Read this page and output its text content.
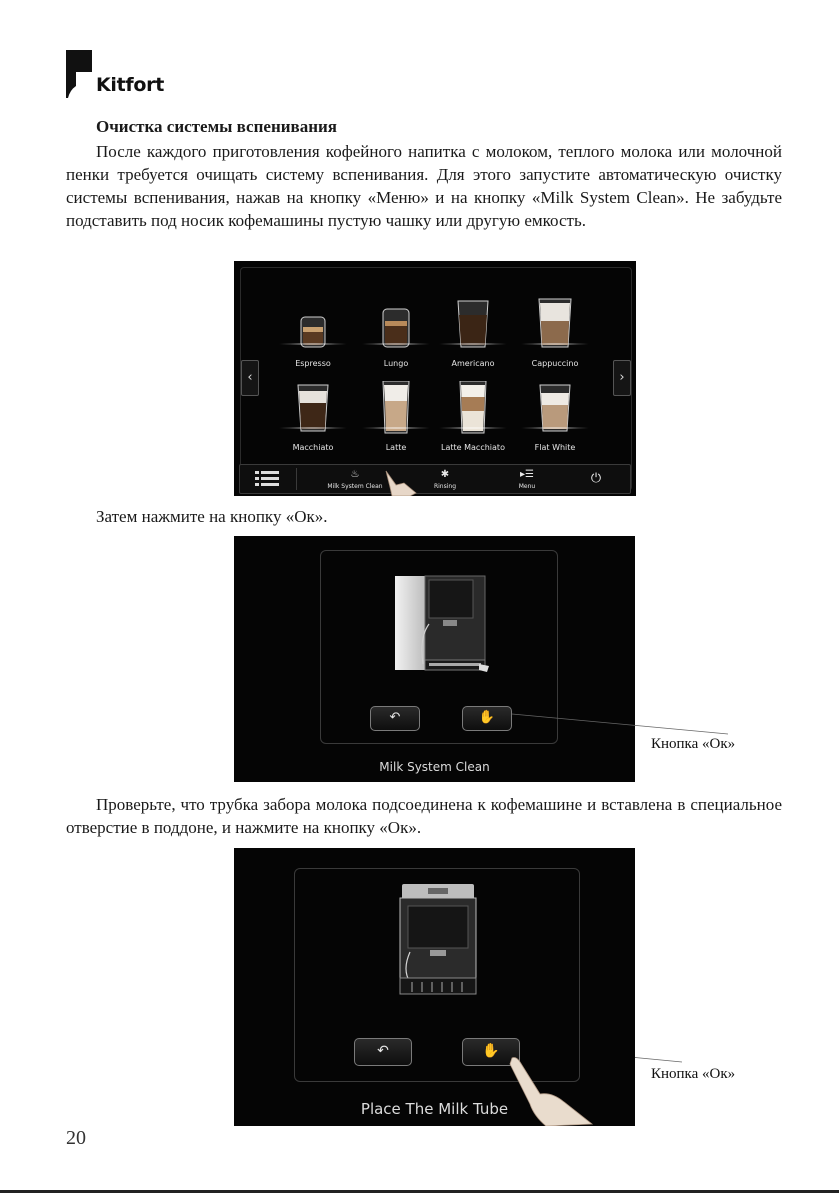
Kitfort
Очистка системы вспенивания
После каждого приготовления кофейного напитка с молоком, теплого молока или молочной пенки требуется очищать систему вспенивания. Для этого запустите автоматическую очистку системы вспенивания, нажав на кнопку «Меню» и на кнопку «Milk System Clean». Не забудьте подставить под носик кофемашины пустую чашку или другую емкость.
‹	›
Espresso	Lungo	Americano	Cappuccino
Macchiato	Latte	Latte Macchiato	Flat White
♨
Milk System Clean
✱
Rinsing
▸☰
Menu
⏻
Затем нажмите на кнопку «Ок».
↶	✋
Milk System Clean
Кнопка «Ок»
Проверьте, что трубка забора молока подсоединена к кофемашине и вставлена в специальное отверстие в поддоне, и нажмите на кнопку «Ок».
↶	✋
Place The Milk Tube
Кнопка «Ок»
20
